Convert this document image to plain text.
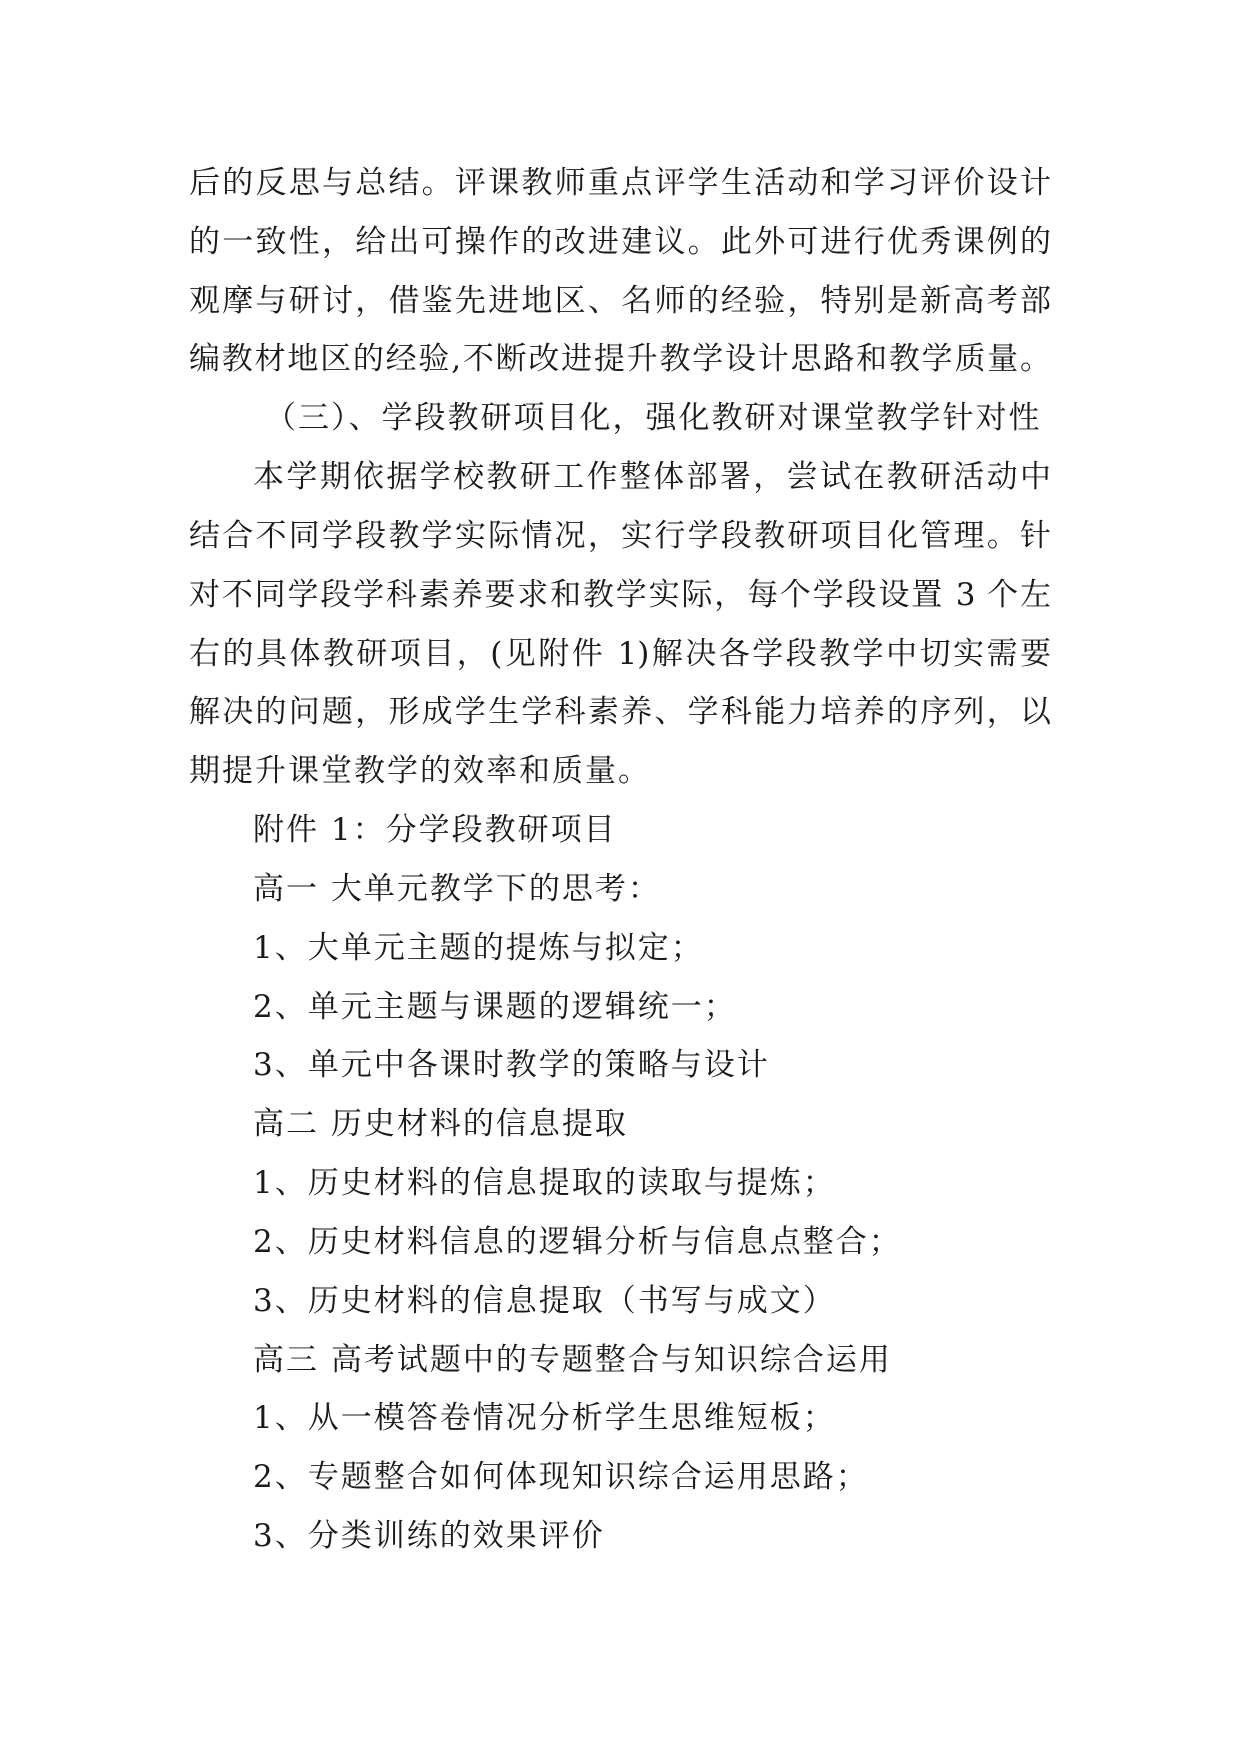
后的反思与总结。评课教师重点评学生活动和学习评价设计
的一致性，给出可操作的改进建议。此外可进行优秀课例的
观摩与研讨，借鉴先进地区、名师的经验，特别是新高考部
编教材地区的经验,不断改进提升教学设计思路和教学质量。
（三）、学段教研项目化，强化教研对课堂教学针对性
本学期依据学校教研工作整体部署，尝试在教研活动中
结合不同学段教学实际情况，实行学段教研项目化管理。针
对不同学段学科素养要求和教学实际，每个学段设置 3 个左
右的具体教研项目，(见附件 1)解决各学段教学中切实需要
解决的问题，形成学生学科素养、学科能力培养的序列，以
期提升课堂教学的效率和质量。
附件 1：分学段教研项目
高一 大单元教学下的思考：
1、大单元主题的提炼与拟定；
2、单元主题与课题的逻辑统一；
3、单元中各课时教学的策略与设计
高二 历史材料的信息提取
1、历史材料的信息提取的读取与提炼；
2、历史材料信息的逻辑分析与信息点整合；
3、历史材料的信息提取（书写与成文）
高三 高考试题中的专题整合与知识综合运用
1、从一模答卷情况分析学生思维短板；
2、专题整合如何体现知识综合运用思路；
3、分类训练的效果评价
